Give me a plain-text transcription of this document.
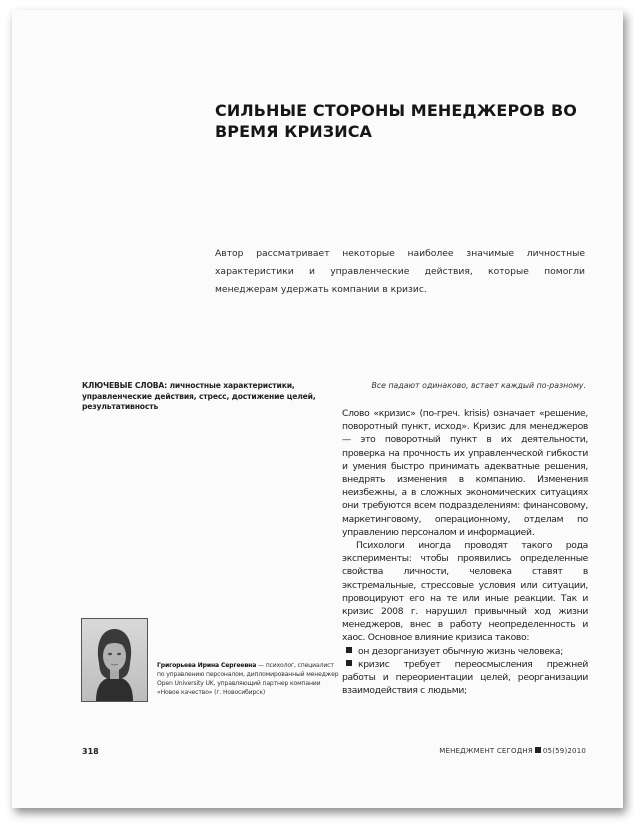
СИЛЬНЫЕ СТОРОНЫ МЕНЕДЖЕРОВ ВО ВРЕМЯ КРИЗИСА

Автор рассматривает некоторые наиболее значимые личностные характеристики и управленческие действия, которые помогли менеджерам удержать компании в кризис.

КЛЮЧЕВЫЕ СЛОВА: личностные характеристики, управленческие действия, стресс, достижение целей, результативность

Все падают одинаково, встает каждый по-разному.

Слово «кризис» (по-греч. krisis) означает «решение, поворотный пункт, исход». Кризис для менеджеров — это поворотный пункт в их деятельности, проверка на прочность их управленческой гибкости и умения быстро принимать адекватные решения, внедрять изменения в компанию. Изменения неизбежны, а в сложных экономических ситуациях они требуются всем подразделениям: финансовому, маркетинговому, операционному, отделам по управлению персоналом и информацией.

Психологи иногда проводят такого рода эксперименты: чтобы проявились определенные свойства личности, человека ставят в экстремальные, стрессовые условия или ситуации, провоцируют его на те или иные реакции. Так и кризис 2008 г. нарушил привычный ход жизни менеджеров, внес в работу неопределенность и хаос. Основное влияние кризиса таково:

он дезорганизует обычную жизнь человека;
кризис требует переосмысления прежней работы и переориентации целей, реорганизации взаимодействия с людьми;

Григорьева Ирина Сергеевна — психолог, специалист по управлению персоналом, дипломированный менеджер Open University UK, управляющий партнер компании «Новое качество» (г. Новосибирск)

318	МЕНЕДЖМЕНТ СЕГОДНЯ 05(59)2010
